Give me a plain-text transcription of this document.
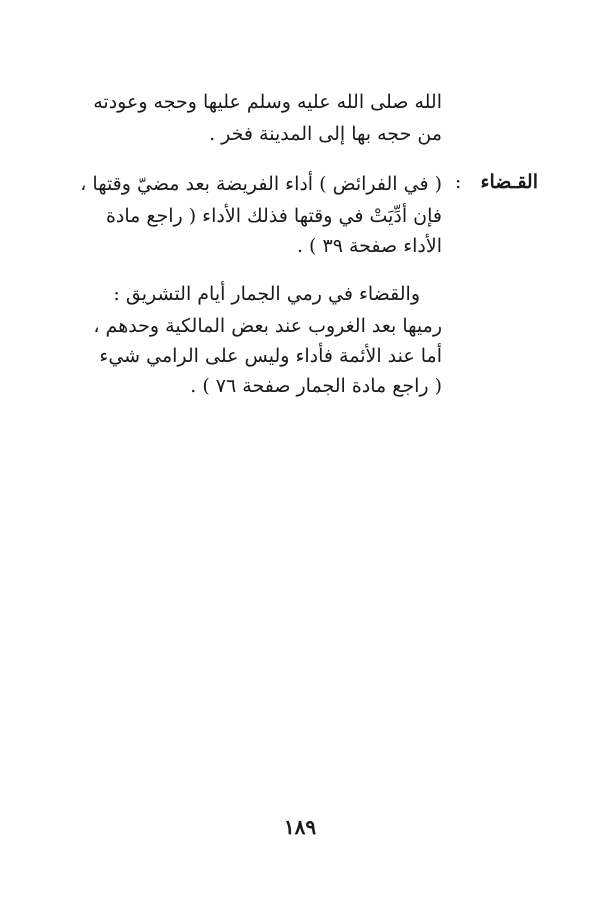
الله صلى الله عليه وسلم عليها وحجه وعودته
من حجه بها إلى المدينة فخر .
القـضاء
:
( في الفرائض ) أداء الفريضة بعد مضيّ وقتها ،
فإن أدِّيَتْ في وقتها فذلك الأداء ( راجع مادة
الأداء صفحة ٣٩ ) .
والقضاء في رمي الجمار أيام التشريق :
رميها بعد الغروب عند بعض المالكية وحدهم ،
أما عند الأئمة فأداء وليس على الرامي شيء
( راجع مادة الجمار صفحة ٧٦ ) .
١٨٩
